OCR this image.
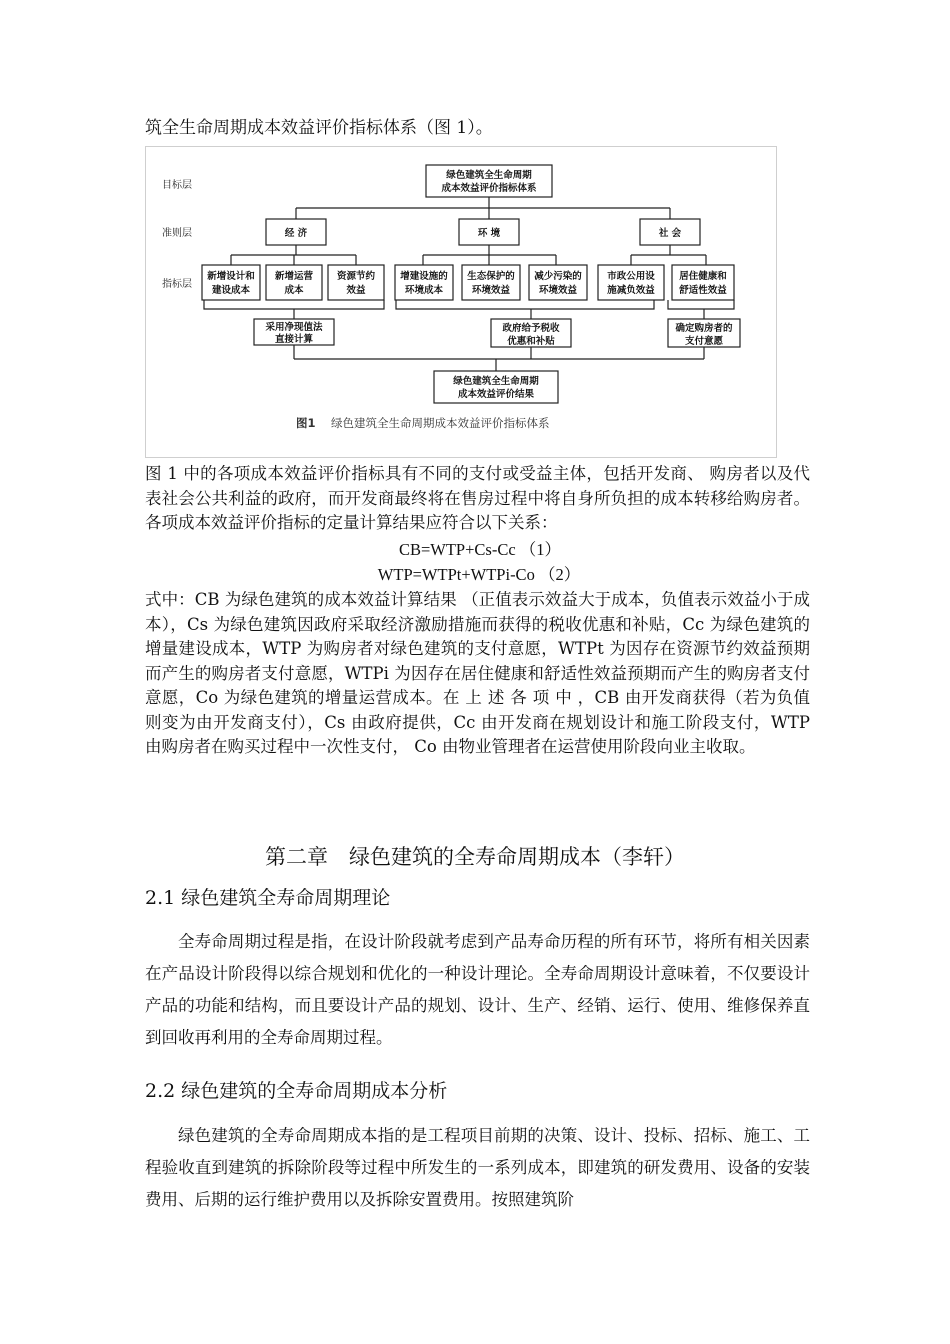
筑全生命周期成本效益评价指标体系（图 1）。
目标层
准则层
指标层
绿色建筑全生命周期
成本效益评价指标体系
经 济	环 境	社 会
新增设计和
建设成本
新增运营
成本
资源节约
效益
增建设施的
环境成本
生态保护的
环境效益
减少污染的
环境效益
市政公用设
施减负效益
居住健康和
舒适性效益
采用净现值法
直接计算
政府给予税收
优惠和补贴
确定购房者的
支付意愿
绿色建筑全生命周期
成本效益评价结果
图1 绿色建筑全生命周期成本效益评价指标体系
图 1 中的各项成本效益评价指标具有不同的支付或受益主体，包括开发商、 购房者以及代表社会公共利益的政府，而开发商最终将在售房过程中将自身所负担的成本转移给购房者。各项成本效益评价指标的定量计算结果应符合以下关系：
CB=WTP+Cs-Cc （1）
WTP=WTPt+WTPi-Co （2）
式中：CB 为绿色建筑的成本效益计算结果 （正值表示效益大于成本，负值表示效益小于成本），Cs 为绿色建筑因政府采取经济激励措施而获得的税收优惠和补贴，Cc 为绿色建筑的增量建设成本，WTP 为购房者对绿色建筑的支付意愿，WTPt 为因存在资源节约效益预期而产生的购房者支付意愿，WTPi 为因存在居住健康和舒适性效益预期而产生的购房者支付意愿，Co 为绿色建筑的增量运营成本。在 上 述 各 项 中 ，CB 由开发商获得（若为负值则变为由开发商支付），Cs 由政府提供，Cc 由开发商在规划设计和施工阶段支付，WTP 由购房者在购买过程中一次性支付， Co 由物业管理者在运营使用阶段向业主收取。
第二章　绿色建筑的全寿命周期成本（李轩）
2.1 绿色建筑全寿命周期理论
全寿命周期过程是指，在设计阶段就考虑到产品寿命历程的所有环节，将所有相关因素在产品设计阶段得以综合规划和优化的一种设计理论。全寿命周期设计意味着，不仅要设计产品的功能和结构，而且要设计产品的规划、设计、生产、经销、运行、使用、维修保养直到回收再利用的全寿命周期过程。
2.2 绿色建筑的全寿命周期成本分析
绿色建筑的全寿命周期成本指的是工程项目前期的决策、设计、投标、招标、施工、工程验收直到建筑的拆除阶段等过程中所发生的一系列成本，即建筑的研发费用、设备的安装费用、后期的运行维护费用以及拆除安置费用。按照建筑阶
